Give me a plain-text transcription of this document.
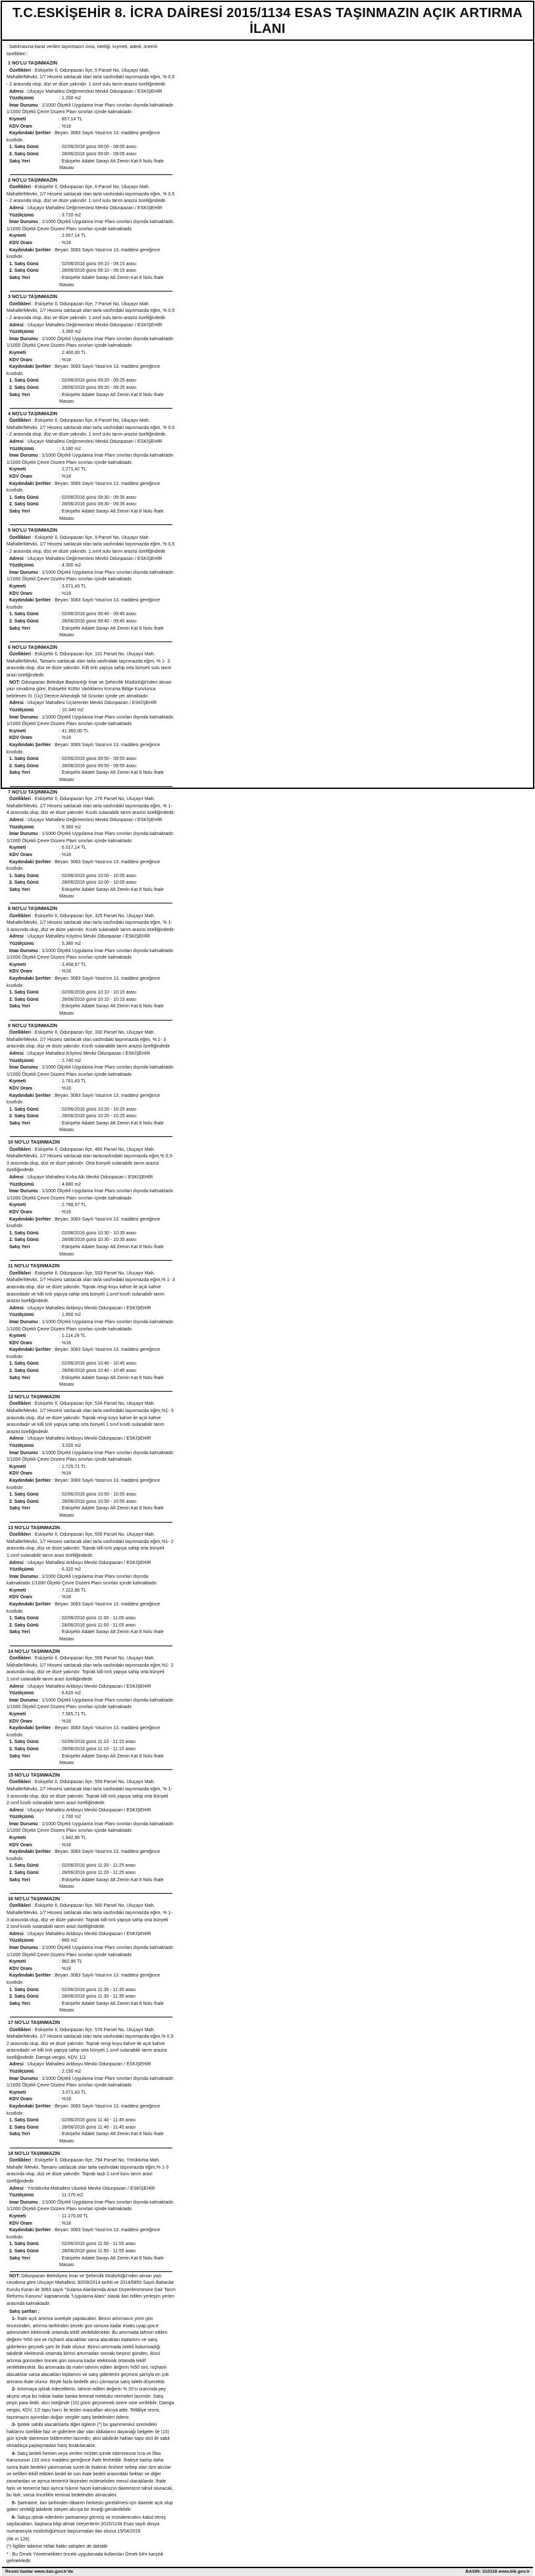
T.C.ESKİŞEHİR 8. İCRA DAİRESİ 2015/1134 ESAS TAŞINMAZIN AÇIK ARTIRMA İLANI

Satılmasına karar verilen taşınmazın cinsi, niteliği, kıymeti, adedi, önemli özellikleri :

1 NO'LU TAŞINMAZIN

Özellikleri : Eskişehir İl, Odunpazarı İlçe, 5 Parsel No, Uluçayır Mah. Mahalle/Mevkii, 1/7 Hissesi satılacak olan tarla vasfındaki taşınmazda eğim, % 0,5 - 2 arasında olup, düz ve düze yakındır. 1.sınıf sulu tarım arazisi özelliğindedir.

Adresi : Uluçayır Mahallesi Değirmenönü Mevkii Odunpazarı / ESKİŞEHİR

Yüzölçümü	: 1.200 m2

İmar Durumu : 1/1000 Ölçekli Uygulama İmar Planı sınırları dışında kalmaktadır. 1/1000 Ölçekli Çevre Düzeni Planı sınırları içinde kalmaktadır.

Kıymeti	: 857,14 TL
KDV Oranı	: %18

Kaydındaki Şerhler : Beyan: 3083 Sayılı Yasa'nın 13. maddesi gereğince kısıtlıdır.

1. Satış Günü	: 02/06/2016 günü 09:00 - 09:05 arası
2. Satış Günü	: 28/06/2016 günü 09:00 - 09:05 arası
Satış Yeri	: Eskişehir Adalet Sarayı Alt Zemin Kat 8 Nolu İhale Masası

2 NO'LU TAŞINMAZIN

Özellikleri : Eskişehir İl, Odunpazarı İlçe, 6 Parsel No, Uluçayır Mah. Mahalle/Mevkii, 1/7 Hissesi satılacak olan tarla vasfındaki taşınmazda eğim, % 0,5 - 2 arasında olup, düz ve düze yakındır. 1.sınıf sulu tarım arazisi özelliğindedir.

Adresi : Uluçayır Mahallesi Değirmenönü Mevkii Odunpazarı / ESKİŞEHİR

Yüzölçümü	: 3.720 m2

İmar Durumu : 1/1000 Ölçekli Uygulama İmar Planı sınırları dışında kalmaktadır. 1/1000 Ölçekli Çevre Düzeni Planı sınırları içinde kalmaktadır.

Kıymeti	: 2.657,14 TL
KDV Oranı	: %18

Kaydındaki Şerhler : Beyan: 3083 Sayılı Yasa'nın 13. maddesi gereğince kısıtlıdır.

1. Satış Günü	: 02/06/2016 günü 09:10 - 09:15 arası
2. Satış Günü	: 28/06/2016 günü 09:10 - 09:15 arası
Satış Yeri	: Eskişehir Adalet Sarayı Alt Zemin Kat 8 Nolu İhale Masası

3 NO'LU TAŞINMAZIN

Özellikleri : Eskişehir İl, Odunpazarı İlçe, 7 Parsel No, Uluçayır Mah. Mahalle/Mevkii, 1/7 Hissesi satılacak olan tarla vasfındaki taşınmazda eğim, % 0,5 - 2 arasında olup, düz ve düze yakındır. 1.sınıf sulu tarım arazisi özelliğindedir.

Adresi : Uluçayır Mahallesi Değirmenönü Mevkii Odunpazarı / ESKİŞEHİR

Yüzölçümü	: 3.360 m2

İmar Durumu : 1/1000 Ölçekli Uygulama İmar Planı sınırları dışında kalmaktadır. 1/1000 Ölçekli Çevre Düzeni Planı sınırları içinde kalmaktadır.

Kıymeti	: 2.400,00 TL
KDV Oranı	: %18

Kaydındaki Şerhler : Beyan: 3083 Sayılı Yasa'nın 13. maddesi gereğince kısıtlıdır.

1. Satış Günü	: 02/06/2016 günü 09:20 - 09:25 arası
2. Satış Günü	: 28/06/2016 günü 09:20 - 09:25 arası
Satış Yeri	: Eskişehir Adalet Sarayı Alt Zemin Kat 8 Nolu İhale Masası

4 NO'LU TAŞINMAZIN

Özellikleri : Eskişehir İl, Odunpazarı İlçe, 8 Parsel No, Uluçayır Mah. Mahalle/Mevkii, 1/7 Hissesi satılacak olan tarla vasfındaki taşınmazda eğim, % 0,5 - 2 arasında olup, düz ve düze yakındır. 1.sınıf sulu tarım arazisi özelliğindedir.

Adresi : Uluçayır Mahallesi Değirmenönü Mevkii Odunpazarı / ESKİŞEHİR

Yüzölçümü	: 3.180 m2

İmar Durumu : 1/1000 Ölçekli Uygulama İmar Planı sınırları dışında kalmaktadır. 1/1000 Ölçekli Çevre Düzeni Planı sınırları içinde kalmaktadır.

Kıymeti	: 2.271,42 TL
KDV Oranı	: %18

Kaydındaki Şerhler : Beyan: 3083 Sayılı Yasa'nın 13. maddesi gereğince kısıtlıdır.

1. Satış Günü	: 02/06/2016 günü 09:30 - 09:35 arası
2. Satış Günü	: 28/06/2016 günü 09:30 - 09:35 arası
Satış Yeri	: Eskişehir Adalet Sarayı Alt Zemin Kat 8 Nolu İhale Masası

5 NO'LU TAŞINMAZIN

Özellikleri : Eskişehir İl, Odunpazarı İlçe, 9 Parsel No, Uluçayır Mah. Mahalle/Mevkii, 1/7 Hissesi satılacak olan tarla vasfındaki taşınmazda eğim, % 0,5 - 2 arasında olup, düz ve düze yakındır. 1.sınıf sulu tarım arazisi özelliğindedir.

Adresi : Uluçayır Mahallesi Değirmenönü Mevkii Odunpazarı / ESKİŞEHİR

Yüzölçümü	: 4.300 m2

İmar Durumu : 1/1000 Ölçekli Uygulama İmar Planı sınırları dışında kalmaktadır. 1/1000 Ölçekli Çevre Düzeni Planı sınırları içinde kalmaktadır.

Kıymeti	: 3.071,43 TL
KDV Oranı	: %18

Kaydındaki Şerhler : Beyan: 3083 Sayılı Yasa'nın 13. maddesi gereğince kısıtlıdır.

1. Satış Günü	: 02/06/2016 günü 09:40 - 09:45 arası
2. Satış Günü	: 28/06/2016 günü 09:40 - 09:45 arası
Satış Yeri	: Eskişehir Adalet Sarayı Alt Zemin Kat 8 Nolu İhale Masası

6 NO'LU TAŞINMAZIN

Özellikleri : Eskişehir İl, Odunpazarı İlçe, 101 Parsel No, Uluçayır Mah. Mahalle/Mevkii, Tamamı satılacak olan tarla vasfındaki taşınmazda eğim, % 1- 3 arasında olup, düz ve düze yakındır. Killi tınlı yapıya sahip orta bünyeli sulu tarım arazi özeliğindedir.

NOT: Odunpazarı Belediye Başkanlığı İmar ve Şehircilik Müdürlüğü'nden alınan yazı cevabına göre; Eskişehir Kültür Varlıklarını Koruma Bölge Kurulunca belirlenen III. (Üç) Derece Arkeolojik Sit Sınırları içinde yer almaktadır.

Adresi : Uluçayır Mahallesi Üçserenler Mevkii Odunpazarı / ESKİŞEHİR

Yüzölçümü	: 10.340 m2

İmar Durumu : 1/1000 Ölçekli Uygulama İmar Planı sınırları dışında kalmaktadır. 1/1000 Ölçekli Çevre Düzeni Planı sınırları içinde kalmaktadır.

Kıymeti	: 41.360,00 TL
KDV Oranı	: %18

Kaydındaki Şerhler : Beyan: 3083 Sayılı Yasa'nın 13. maddesi gereğince kısıtlıdır.

1. Satış Günü	: 02/06/2016 günü 09:50 - 09:55 arası
2. Satış Günü	: 28/06/2016 günü 09:50 - 09:55 arası
Satış Yeri	: Eskişehir Adalet Sarayı Alt Zemin Kat 8 Nolu İhale Masası

7 NO'LU TAŞINMAZIN

Özellikleri : Eskişehir İl, Odunpazarı İlçe, 276 Parsel No, Uluçayır Mah. Mahalle/Mevkii, 1/7 Hissesi satılacak olan tarla vasfındaki taşınmazda eğim, % 1- 4 arasında olup, düz ve düze yakındır. Kısıtlı sulanabilir tarım arazisi özelliğindedir.

Adresi : Uluçayır Mahallesi Değirmenönü Mevkii Odunpazarı / ESKİŞEHİR

Yüzölçümü	: 9.360 m2

İmar Durumu : 1/1000 Ölçekli Uygulama İmar Planı sınırları dışında kalmaktadır. 1/1000 Ölçekli Çevre Düzeni Planı sınırları içinde kalmaktadır.

Kıymeti	: 6.017,14 TL
KDV Oranı	: %18

Kaydındaki Şerhler : Beyan: 3083 Sayılı Yasa'nın 13. maddesi gereğince kısıtlıdır.

1. Satış Günü	: 02/06/2016 günü 10:00 - 10:05 arası
2. Satış Günü	: 28/06/2016 günü 10:00 - 10:05 arası
Satış Yeri	: Eskişehir Adalet Sarayı Alt Zemin Kat 8 Nolu İhale Masası

8 NO'LU TAŞINMAZIN

Özellikleri : Eskişehir İl, Odunpazarı İlçe, 325 Parsel No, Uluçayır Mah. Mahalle/Mevkii, 1/7 Hissesi satılacak olan tarla vasfındaki taşınmazda eğim, % 1- 3 arasında olup, düz ve düze yakındır. Kısıtlı sulanabilir tarım arazisi özelliğindedir.

Adresi : Uluçayır Mahallesi Köyönü Mevkii Odunpazarı / ESKİŞEHİR

Yüzölçümü	: 5.380 m2

İmar Durumu : 1/1000 Ölçekli Uygulama İmar Planı sınırları dışında kalmaktadır. 1/1000 Ölçekli Çevre Düzeni Planı sınırları içinde kalmaktadır.

Kıymeti	: 3.458,57 TL
KDV Oranı	: %18

Kaydındaki Şerhler : Beyan: 3083 Sayılı Yasa'nın 13. maddesi gereğince kısıtlıdır.

1. Satış Günü	: 02/06/2016 günü 10:10 - 10:15 arası
2. Satış Günü	: 28/06/2016 günü 10:10 - 10:15 arası
Satış Yeri	: Eskişehir Adalet Sarayı Alt Zemin Kat 8 Nolu İhale Masası

9 NO'LU TAŞINMAZIN

Özellikleri : Eskişehir İl, Odunpazarı İlçe, 330 Parsel No, Uluçayır Mah. Mahalle/Mevkii, 1/7 Hissesi satılacak olan vasfındaki taşınmazda eğim, % 1- 3 arasında olup, düz ve düze yakındır. Kısıtlı sulanabilir tarım arazisi özelliğindedir.

Adresi : Uluçayır Mahallesi Köyönü Mevkii Odunpazarı / ESKİŞEHİR

Yüzölçümü	: 2.740 m2

İmar Durumu : 1/1000 Ölçekli Uygulama İmar Planı sınırları dışında kalmaktadır. 1/1000 Ölçekli Çevre Düzeni Planı sınırları içinde kalmaktadır.

Kıymeti	: 1.761,43 TL
KDV Oranı	: %18

Kaydındaki Şerhler : Beyan: 3083 Sayılı Yasa'nın 13. maddesi gereğince kısıtlıdır.

1. Satış Günü	: 02/06/2016 günü 10:20 - 10:25 arası
2. Satış Günü	: 28/06/2016 günü 10:20 - 10:25 arası
Satış Yeri	: Eskişehir Adalet Sarayı Alt Zemin Kat 8 Nolu İhale Masası

10 NO'LU TAŞINMAZIN

Özellikleri : Eskişehir İl, Odunpazarı İlçe, 480 Parsel No, Uluçayır Mah. Mahalle/Mevkii, 1/7 Hissesi satılacak olan tarlavasfındaki taşınmazda eğim,% 0,5-3 arasında olup, düz ve düze yakındır. Orta bünyeli sulanabilir tarım arazisi özelliğindedir.

Adresi : Uluçayır Mahallesi Kırka Altı Mevkii Odunpazarı / ESKİŞEHİR

Yüzölçümü	: 4.880 m2

İmar Durumu : 1/1000 Ölçekli Uygulama İmar Planı sınırları dışında kalmaktadır. 1/1000 Ölçekli Çevre Düzeni Planı sınırları içinde kalmaktadır.

Kıymeti	: 2.788,57 TL
KDV Oranı	: %18

Kaydındaki Şerhler : Beyan: 3083 Sayılı Yasa'nın 13. maddesi gereğince kısıtlıdır.

1. Satış Günü	: 02/06/2016 günü 10:30 - 10:35 arası
2. Satış Günü	: 28/06/2016 günü 10:30 - 10:35 arası
Satış Yeri	: Eskişehir Adalet Sarayı Alt Zemin Kat 8 Nolu İhale Masası

11 NO'LU TAŞINMAZIN

Özellikleri : Eskişehir İl, Odunpazarı İlçe, 533 Parsel No, Uluçayır Mah. Mahalle/Mevkii, 1/7 Hissesi satılacak olan tarla vasfındaki taşınmazda eğim,% 1- 3 arasında olup, düz ve düze yakındır. Toprak rengi koyu kahve ile açık kahve arasındadır ve killi tınlı yapıya sahip orta bünyeli 1.sınıf kısıtlı sulanabilir tarım arazisi özelliğindedir.

Adresi : Uluçayır Mahallesi Arkboyu Mevkii Odunpazarı / ESKİŞEHİR

Yüzölçümü	: 1.950 m2

İmar Durumu : 1/1000 Ölçekli Uygulama İmar Planı sınırları dışında kalmaktadır. 1/1000 Ölçekli Çevre Düzeni Planı sınırları içinde kalmaktadır.

Kıymeti	: 1.114,29 TL
KDV Oranı	: %18

Kaydındaki Şerhler : Beyan: 3083 Sayılı Yasa'nın 13. maddesi gereğince kısıtlıdır.

1. Satış Günü	: 02/06/2016 günü 10:40 - 10:45 arası
2. Satış Günü	: 28/06/2016 günü 10:40 - 10:45 arası
Satış Yeri	: Eskişehir Adalet Sarayı Alt Zemin Kat 8 Nolu İhale Masası

12 NO'LU TAŞINMAZIN

Özellikleri : Eskişehir İl, Odunpazarı İlçe, 534 Parsel No, Uluçayır Mah. Mahalle/Mevkii, 1/7 Hissesi satılacak olan tarla vasfındaki taşınmazda eğim,%1- 3 arasında olup, düz ve düze yakındır. Toprak rengi koyu kahve ile açık kahve arasındadır ve killi tınlı yapıya sahip orta bünyeli 1.sınıf kısıtlı sulanabilir tarım arazisi özelliğindedir.

Adresi : Uluçayır Mahallesi Arkboyu Mevkii Odunpazarı / ESKİŞEHİR

Yüzölçümü	: 3.020 m2

İmar Durumu : 1/1000 Ölçekli Uygulama İmar Planı sınırları dışında kalmaktadır. 1/1000 Ölçekli Çevre Düzeni Planı sınırları içinde kalmaktadır.

Kıymeti	: 1.725,71 TL
KDV Oranı	: %18

Kaydındaki Şerhler : Beyan: 3083 Sayılı Yasa'nın 13. maddesi gereğince kısıtlıdır.

1. Satış Günü	: 02/06/2016 günü 10:50 - 10:55 arası
2. Satış Günü	: 28/06/2016 günü 10:50 - 10:55 arası
Satış Yeri	: Eskişehir Adalet Sarayı Alt Zemin Kat 8 Nolu İhale Masası

13 NO'LU TAŞINMAZIN

Özellikleri : Eskişehir İl, Odunpazarı İlçe, 555 Parsel No, Uluçayır Mah. Mahalle/Mevkii, 1/7 Hissesi satılacak olan tarla vasfındaki taşınmazda eğim,%1- 2 arasında olup, düz ve düze yakındır. Toprak killi tınlı yapıya sahip orta bünyeli 1.sınıf sulanabilir tarım arazi özelliğindedir.

Adresi : Uluçayır Mahallesi Arkboyu Mevkii Odunpazarı / ESKİŞEHİR

Yüzölçümü	: 6.320 m2

İmar Durumu : 1/1000 Ölçekli Uygulama İmar Planı sınırları dışında kalmaktadır.1/1000 Ölçekli Çevre Düzeni Planı sınırları içinde kalmaktadır.

Kıymeti	: 7.222,86 TL
KDV Oranı	: %18

Kaydındaki Şerhler : Beyan: 3083 Sayılı Yasa'nın 13. maddesi gereğince kısıtlıdır.

1. Satış Günü	: 02/06/2016 günü 11:00 - 11:05 arası
2. Satış Günü	: 28/06/2016 günü 11:00 - 11:05 arası
Satış Yeri	: Eskişehir Adalet Sarayı Alt Zemin Kat 8 Nolu İhale Masası

14 NO'LU TAŞINMAZIN

Özellikleri : Eskişehir İl, Odunpazarı İlçe, 556 Parsel No, Uluçayır Mah. Mahalle/Mevkii, 1/7 Hissesi satılacak olan tarla vasfındaki taşınmazda eğim,%1- 2 arasında olup, düz ve düze yakındır. Toprak killi tınlı yapıya sahip orta bünyeli 1.sınıf sulanabilir tarım arazi özelliğindedir.

Adresi : Uluçayır Mahallesi Arkboyu Mevkii Odunpazarı / ESKİŞEHİR

Yüzölçümü	: 6.620 m2

İmar Durumu : 1/1000 Ölçekli Uygulama İmar Planı sınırları dışında kalmaktadır. 1/1000 Ölçekli Çevre Düzeni Planı sınırları içinde kalmaktadır.

Kıymeti	: 7.565,71 TL
KDV Oranı	: %18

Kaydındaki Şerhler : Beyan: 3083 Sayılı Yasa'nın 13. maddesi gereğince kısıtlıdır.

1. Satış Günü	: 02/06/2016 günü 11:10 - 11:15 arası
2. Satış Günü	: 28/06/2016 günü 11:10 - 11:15 arası
Satış Yeri	: Eskişehir Adalet Sarayı Alt Zemin Kat 8 Nolu İhale Masası

15 NO'LU TAŞINMAZIN

Özellikleri : Eskişehir İl, Odunpazarı İlçe, 559 Parsel No, Uluçayır Mah. Mahalle/Mevkii, 1/7 Hissesi satılacak olan tarla vasfındaki taşınmazda eğim, % 1- 3 arasında olup, düz ve düze yakındır. Toprak killi tınlı yapıya sahip orta bünyeli 2.sınıf kısıtlı sulanabilir tarım arazi özelliğindedir.

Adresi : Uluçayır Mahallesi Arkboyu Mevkii Odunpazarı / ESKİŞEHİR

Yüzölçümü	: 1.700 m2

İmar Durumu : 1/1000 Ölçekli Uygulama İmar Planı sınırları dışında kalmaktadır. 1/1000 Ölçekli Çevre Düzeni Planı sınırları içinde kalmaktadır.

Kıymeti	: 1.942,86 TL
KDV Oranı	: %18

Kaydındaki Şerhler : Beyan: 3083 Sayılı Yasa'nın 13. maddesi gereğince kısıtlıdır.

1. Satış Günü	: 02/06/2016 günü 11:20 - 11:25 arası
2. Satış Günü	: 28/06/2016 günü 11:20 - 11:25 arası
Satış Yeri	: Eskişehir Adalet Sarayı Alt Zemin Kat 8 Nolu İhale Masası

16 NO'LU TAŞINMAZIN

Özellikleri : Eskişehir İl, Odunpazarı İlçe, 560 Parsel No, Uluçayır Mah. Mahalle/Mevkii, 1/7 Hissesi satılacak olan tarla vasfındaki taşınmazda eğim, % 1- 3 arasında olup, düz ve düze yakındır. Toprak killi tınlı yapıya sahip orta bünyeli 2.sınıf kısıtlı sulanabilir tarım arazi özelliğindedir.

Adresi : Uluçayır Mahallesi Arkboyu Mevkii Odunpazarı / ESKİŞEHİR

Yüzölçümü	: 860 m2

İmar Durumu : 1/1000 Ölçekli Uygulama İmar Planı sınırları dışında kalmaktadır. 1/1000 Ölçekli Çevre Düzeni Planı sınırları içinde kalmaktadır.

Kıymeti	: 982,86 TL
KDV Oranı	: %18

Kaydındaki Şerhler : Beyan: 3083 Sayılı Yasa'nın 13. maddesi gereğince kısıtlıdır.

1. Satış Günü	: 02/06/2016 günü 11:30 - 11:35 arası
2. Satış Günü	: 28/06/2016 günü 11:30 - 11:35 arası
Satış Yeri	: Eskişehir Adalet Sarayı Alt Zemin Kat 8 Nolu İhale Masası

17 NO'LU TAŞINMAZIN

Özellikleri : Eskişehir İl, Odunpazarı İlçe, 576 Parsel No, Uluçayır Mah. Mahalle/Mevkii, 1/7 Hissesi satılacak olan tarla vasfındaki taşınmazda eğim,% 0,5- 2 arasında olup, düz ve düze yakındır. Toprak rengi koyu kahve ile açık kahve arasındadır ve killi tınlı yapıya sahip orta bünyeli 1.sınıf sulanabilir tarım arazisi özelliğindedir. Damga vergisi, KDV, 1/2

Adresi : Uluçayır Mahallesi Arkboyu Mevkii Odunpazarı / ESKİŞEHİR

Yüzölçümü	: 2.150 m2

İmar Durumu : 1/1000 Ölçekli Uygulama İmar Planı sınırları dışında kalmaktadır. 1/1000 Ölçekli Çevre Düzeni Planı sınırları içinde kalmaktadır.

Kıymeti	: 3.071,43 TL
KDV Oranı	: %18

Kaydındaki Şerhler : Beyan: 3083 Sayılı Yasa'nın 13. maddesi gereğince kısıtlıdır.

1. Satış Günü	: 02/06/2016 günü 11:40 - 11:45 arası
2. Satış Günü	: 28/06/2016 günü 11:40 - 11:45 arası
Satış Yeri	: Eskişehir Adalet Sarayı Alt Zemin Kat 8 Nolu İhale Masası

18 NO'LU TAŞINMAZIN

Özellikleri : Eskişehir İl, Odunpazarı İlçe, 794 Parsel No, Yörükkırka Mah. Mahalle /Mevkii, Tamamı satılacak olan tarla vasfındaki taşınmazda eğim,% 1-3 arasında olup, düz ve düze yakındır. Toprak taşlı 2.sınıf kuru tarım arazi özelliğindedir.

Adresi : Yörükkırka Mahallesi Uluoluk Mevkii Odunpazarı / ESKİŞEHİR

Yüzölçümü	: 11.170 m2

İmar Durumu : 1/1000 Ölçekli Uygulama İmar Planı sınırları dışında kalmaktadır. 1/1000 Ölçekli Çevre Düzeni Planı sınırları içinde kalmaktadır.

Kıymeti	: 11.170,00 TL
KDV Oranı	: %18

Kaydındaki Şerhler : Beyan: 3083 Sayılı Yasa'nın 13. maddesi gereğince kısıtlıdır.

1. Satış Günü	: 02/06/2016 günü 11:50 - 11:55 arası
2. Satış Günü	: 28/06/2016 günü 11:50 - 11:55 arası
Satış Yeri	: Eskişehir Adalet Sarayı Alt Zemin Kat 8 Nolu İhale Masası

NOT: Odunpazarı Belediyesi İmar ve Şehircilik Müdürlüğü'nden alınan yazı cevabına göre Uluçayır Mahallesi; 30/09/2014 tarihli ve 2014/6850 Sayılı Bakanlar Kurulu Kararı ile 3083 sayılı "Sulama Alanlarında Arazi Düzenlenmesine Dair Tarım Reformu Kanunu" kapsamında "Uygulama Alanı" olarak ilan edilen yerleşim yerleri arasında kalmaktadır.

Satış şartları :

1- İhale açık artırma suretiyle yapılacaktır. Birinci artırmanın yirmi gün öncesinden, artırma tarihinden önceki gün sonuna kadar esatis.uyap.gov.tr adresinden elektronik ortamda teklif verilebilecektir. Bu artırmada tahmin edilen değerin %50 sini ve rüçhanlı alacaklılar varsa alacakları toplamını ve satış giderlerini geçmek şartı ile ihale olunur. Birinci artırmada istekli bulunmadığı takdirde elektronik ortamda birinci artırmadan sonraki beşinci günden, ikinci artırma gününden önceki gün sonuna kadar elektronik ortamda teklif verilebilecektir. Bu artırmada da malın tahmin edilen değerin %50 sini, rüçhanlı alacaklılar varsa alacakları toplamını ve satış giderlerini geçmesi şartıyla en çok artırana ihale olunur. Böyle fazla bedelle alıcı çıkmazsa satış talebi düşecektir.

2- Artırmaya iştirak edeceklerin, tahmin edilen değerin % 20'si oranında pey akçesi veya bu miktar kadar banka teminat mektubu vermeleri lazımdır. Satış peşin para iledir, alıcı isteğinde (10) günü geçmemek üzere süre verilebilir. Damga vergisi, KDV, 1/2 tapu harcı ile teslim masrafları alıcıya aittir. Tellâliye resmi, taşınmazın aynından doğan vergiler satış bedelinden ödenir.

3- İpotek sahibi alacaklılarla diğer ilgilerin (*) bu gayrimenkul üzerindeki haklarını özellikle faiz ve giderlere dair olan iddialarını dayanağı belgeler ile (15) gün içinde dairemize bildirmeleri lazımdır; aksi takdirde hakları tapu sicil ile sabit olmadıkça paylaşmadan hariç bırakılacaktır.

4- Satış bedeli hemen veya verilen mühlet içinde ödenmezse İcra ve İflas Kanununun 133 üncü maddesi gereğince ihale feshedilir. İhaleye katılıp daha sonra ihale bedelini yatırmamak sureti ile ihalenin feshine sebep olan tüm alıcılar ve kefilleri teklif ettikleri bedel ile son ihale bedeli arasındaki farktan ve diğer zararlardan ve ayrıca temerrüt faizinden müteselsilen mesul olacaklardır. İhale farkı ve temerrüt faizi ayrıca hükme hacet kalmaksızın dairemizce tahsil olunacak, bu fark, varsa öncelikle teminat bedelinden alınacaktır.

5- Şartname, ilan tarihinden itibaren herkesin görebilmesi için dairede açık olup gideri verildiği takdirde isteyen alıcıya bir örneği gönderilebilir.

6- Satışa iştirak edenlerin şartnameyi görmüş ve münderecatını kabul etmiş sayılacakları, başkaca bilgi almak isteyenlerin 2015/1134 Esas sayılı dosya numarasıyla müdürlüğümüze başvurmaları ilan olunur.15/04/2016

(İİK m 126)

(*) İlgililer tabirine irtifak hakkı sahipleri de dahildir

* : Bu Örnek Yönetmelikten önceki uygulamada kullanılan Örnek 64'e karşılık gelmektedir.

Resmi ilanlar www.ilan.gov.tr'de	BASIN: 310318 www.bik.gov.tr
